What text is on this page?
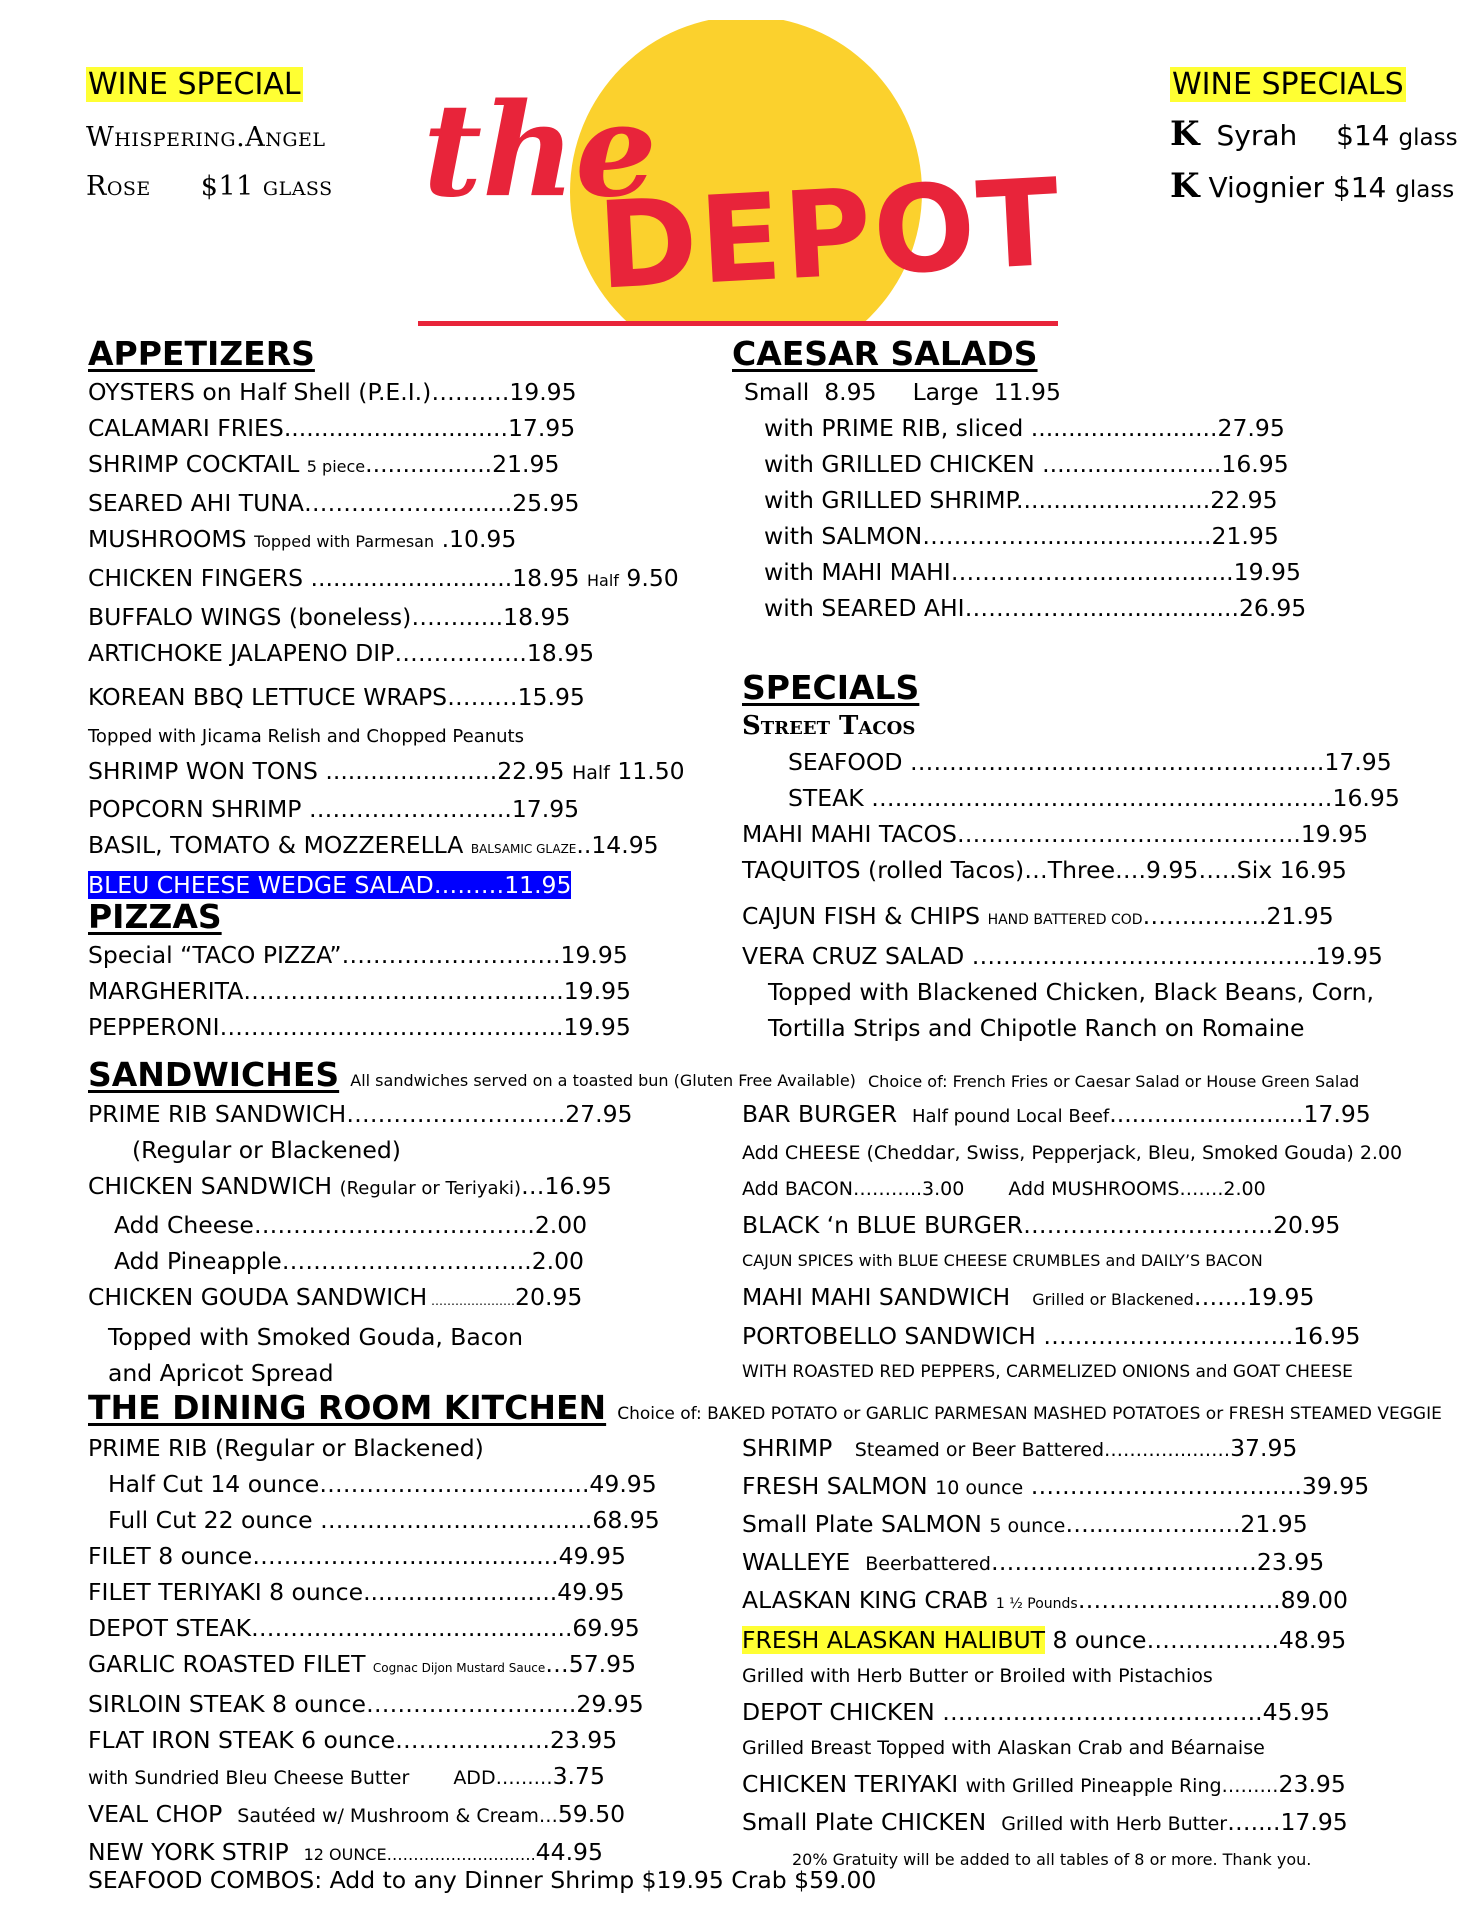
WINE SPECIAL
Whispering.Angel
Rose $11 glass the
DEPOT
WINE SPECIALS
K Syrah $14 glass
K Viognier $14 glass
APPETIZERS
OYSTERS on Half Shell (P.E.I.)……….19.95
CALAMARI FRIES..............................17.95
SHRIMP COCKTAIL 5 piece.................21.95
SEARED AHI TUNA……………….........25.95
MUSHROOMS Topped with Parmesan .10.95
CHICKEN FINGERS ...........................18.95 Half 9.50
BUFFALO WINGS (boneless)……......18.95
ARTICHOKE JALAPENO DIP……………..18.95
KOREAN BBQ LETTUCE WRAPS………15.95
Topped with Jicama Relish and Chopped Peanuts
SHRIMP WON TONS .......................22.95 Half 11.50
POPCORN SHRIMP ……………………..17.95
BASIL, TOMATO & MOZZERELLA BALSAMIC GLAZE..14.95
BLEU CHEESE WEDGE SALAD………11.95
PIZZAS
Special “TACO PIZZA”……………………….19.95
MARGHERITA…………………………………..19.95
PEPPERONI……………………………………..19.95
CAESAR SALADS
Small 8.95 Large 11.95
with PRIME RIB, sliced .........................27.95
with GRILLED CHICKEN ........................16.95
with GRILLED SHRIMP..........................22.95
with SALMON…………….......................21.95
with MAHI MAHI………………...................19.95
with SEARED AHI…………….....................26.95
SPECIALS
Street Tacos
SEAFOOD ……………………………………………..17.95
STEAK ……………..……………………………………16.95
MAHI MAHI TACOS……………………………………..19.95
TAQUITOS (rolled Tacos)…Three….9.95…..Six 16.95
CAJUN FISH & CHIPS HAND BATTERED COD……..……..21.95
VERA CRUZ SALAD ……………………………………..19.95
Topped with Blackened Chicken, Black Beans, Corn,
Tortilla Strips and Chipotle Ranch on Romaine
SANDWICHES All sandwiches served on a toasted bun (Gluten Free Available) Choice of: French Fries or Caesar Salad or House Green Salad
PRIME RIB SANDWICH……………………….27.95
(Regular or Blackened)
CHICKEN SANDWICH (Regular or Teriyaki)…16.95
Add Cheese……………………….……..2.00
Add Pineapple…………………………..2.00
CHICKEN GOUDA SANDWICH …………………20.95
Topped with Smoked Gouda, Bacon
and Apricot Spread
BAR BURGER Half pound Local Beef..........................17.95
Add CHEESE (Cheddar, Swiss, Pepperjack, Bleu, Smoked Gouda) 2.00
Add BACON………..3.00 Add MUSHROOMS…….2.00
BLACK ‘n BLUE BURGER…………………………..20.95
CAJUN SPICES with BLUE CHEESE CRUMBLES and DAILY’S BACON
MAHI MAHI SANDWICH Grilled or Blackened…....19.95
PORTOBELLO SANDWICH …………………………..16.95
WITH ROASTED RED PEPPERS, CARMELIZED ONIONS and GOAT CHEESE
THE DINING ROOM KITCHEN Choice of: BAKED POTATO or GARLIC PARMESAN MASHED POTATOES or FRESH STEAMED VEGGIE
PRIME RIB (Regular or Blackened)
Half Cut 14 ounce……………………...........49.95
Full Cut 22 ounce ………………………….....68.95
FILET 8 ounce…………………...................49.95
FILET TERIYAKI 8 ounce..........................49.95
DEPOT STEAK………………….....................69.95
GARLIC ROASTED FILET Cognac Dijon Mustard Sauce…57.95
SIRLOIN STEAK 8 ounce………………….…..29.95
FLAT IRON STEAK 6 ounce…………...…..23.95
with Sundried Bleu Cheese Butter ADD………3.75
VEAL CHOP Sautéed w/ Mushroom & Cream…59.50
NEW YORK STRIP 12 OUNCE……………………….44.95
SHRIMP Steamed or Beer Battered…………..……37.95
FRESH SALMON 10 ounce ……………………..…......39.95
Small Plate SALMON 5 ounce…........……......21.95
WALLEYE Beerbattered……….……………………23.95
ALASKAN KING CRAB 1 ½ Pounds……………………..89.00
FRESH ALASKAN HALIBUT 8 ounce……………..48.95
Grilled with Herb Butter or Broiled with Pistachios
DEPOT CHICKEN …………………………………..45.95
Grilled Breast Topped with Alaskan Crab and Béarnaise
CHICKEN TERIYAKI with Grilled Pineapple Ring………23.95
Small Plate CHICKEN Grilled with Herb Butter…....17.95
20% Gratuity will be added to all tables of 8 or more. Thank you.
SEAFOOD COMBOS: Add to any Dinner Shrimp $19.95 Crab $59.00
